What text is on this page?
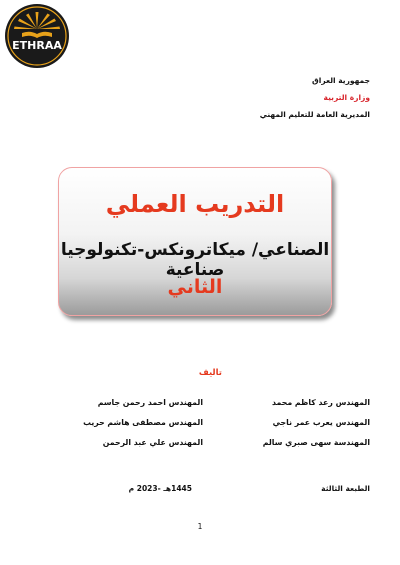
ETHRAA
جمهورية العراق
وزارة التربية
المديرية العامة للتعليم المهني
التدريب العملي
الصناعي/ ميكاترونكس-تكنولوجيا صناعية
الثاني
تاليف
المهندس رعد كاظم محمد
المهندس يعرب عمر ناجي
المهندسة سهى صبري سالم
المهندس احمد رحمن جاسم
المهندس مصطفى هاشم حريب
المهندس علي عبد الرحمن
الطبعة الثالثة
1445هـ -2023 م
1
